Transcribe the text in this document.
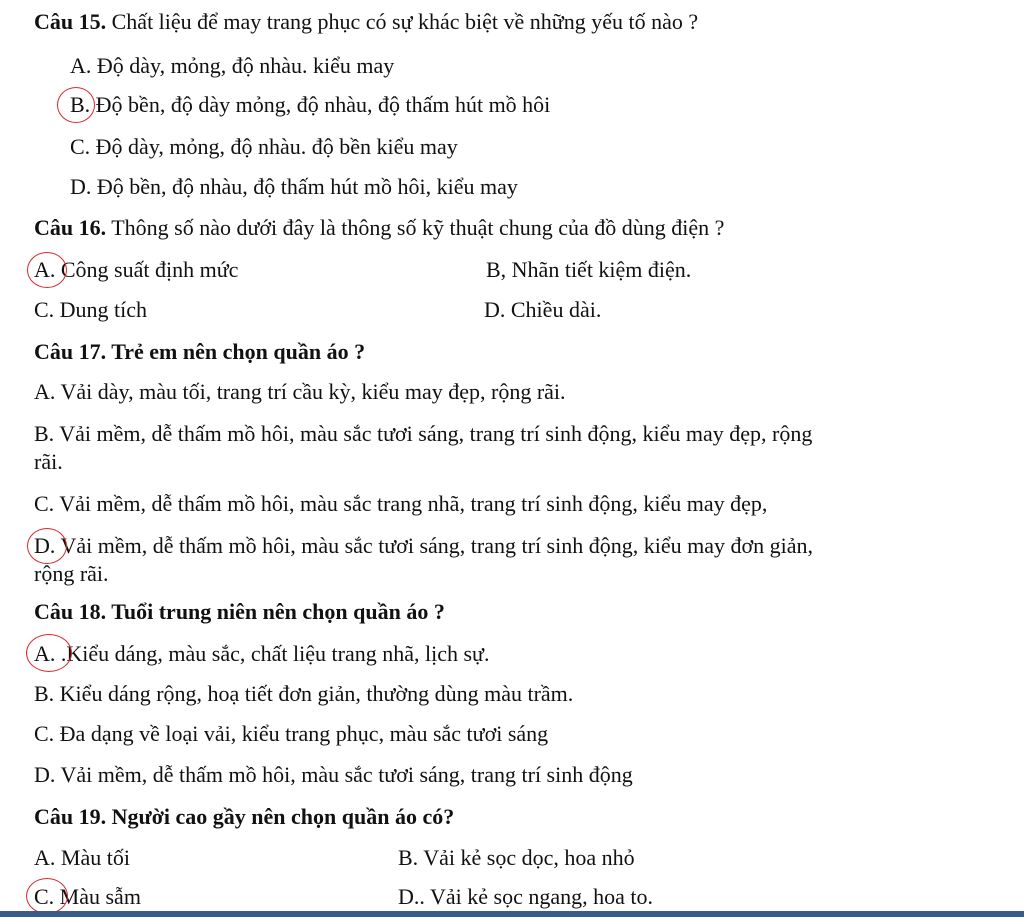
Câu 15. Chất liệu để may trang phục có sự khác biệt về những yếu tố nào ?
A. Độ dày, mỏng, độ nhàu. kiểu may
B. Độ bền, độ dày mỏng, độ nhàu, độ thấm hút mồ hôi
C. Độ dày, mỏng, độ nhàu. độ bền kiểu may
D. Độ bền, độ nhàu, độ thấm hút mồ hôi, kiểu may
Câu 16. Thông số nào dưới đây là thông số kỹ thuật chung của đồ dùng điện ?
A. Công suất định mức	B, Nhãn tiết kiệm điện.
C. Dung tích	D. Chiều dài.
Câu 17. Trẻ em nên chọn quần áo ?
A. Vải dày, màu tối, trang trí cầu kỳ, kiểu may đẹp, rộng rãi.
B. Vải mềm, dễ thấm mồ hôi, màu sắc tươi sáng, trang trí sinh động, kiểu may đẹp, rộng
rãi.
C. Vải mềm, dễ thấm mồ hôi, màu sắc trang nhã, trang trí sinh động, kiểu may đẹp,
D. Vải mềm, dễ thấm mồ hôi, màu sắc tươi sáng, trang trí sinh động, kiểu may đơn giản,
rộng rãi.
Câu 18. Tuổi trung niên nên chọn quần áo ?
A. .Kiểu dáng, màu sắc, chất liệu trang nhã, lịch sự.
B. Kiểu dáng rộng, hoạ tiết đơn giản, thường dùng màu trầm.
C. Đa dạng về loại vải, kiểu trang phục, màu sắc tươi sáng
D. Vải mềm, dễ thấm mồ hôi, màu sắc tươi sáng, trang trí sinh động
Câu 19. Người cao gầy nên chọn quần áo có?
A. Màu tối	B. Vải kẻ sọc dọc, hoa nhỏ
C. Màu sẫm	D.. Vải kẻ sọc ngang, hoa to.
